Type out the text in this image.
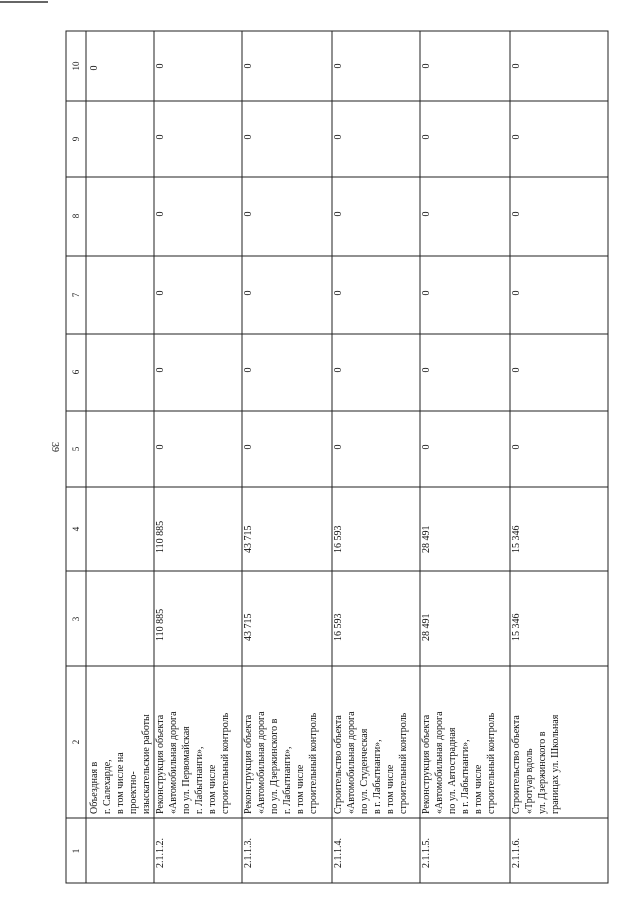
39
1
2
3
4
5
6
7
8
9
10
Объездная в г. Салехарде, в том числе на проектно- изыскательские работы
0
2.1.1.2.
Реконструкция объекта «Автомобильная дорога по ул. Первомайская г. Лабытнанги», в том числе строительный контроль
110 885
110 885
0
0
0
0
0
0
2.1.1.3.
Реконструкция объекта «Автомобильная дорога по ул. Дзержинского в г. Лабытнанги», в том числе строительный контроль
43 715
43 715
0
0
0
0
0
0
2.1.1.4.
Строительство объекта «Автомобильная дорога по ул. Студенческая в г. Лабытнанги», в том числе строительный контроль
16 593
16 593
0
0
0
0
0
0
2.1.1.5.
Реконструкция объекта «Автомобильная дорога по ул. Автострадная в г. Лабытнанги», в том числе строительный контроль
28 491
28 491
0
0
0
0
0
0
2.1.1.6.
Строительство объекта «Тротуар вдоль ул. Дзержинского в границах ул. Школьная
15 346
15 346
0
0
0
0
0
0
